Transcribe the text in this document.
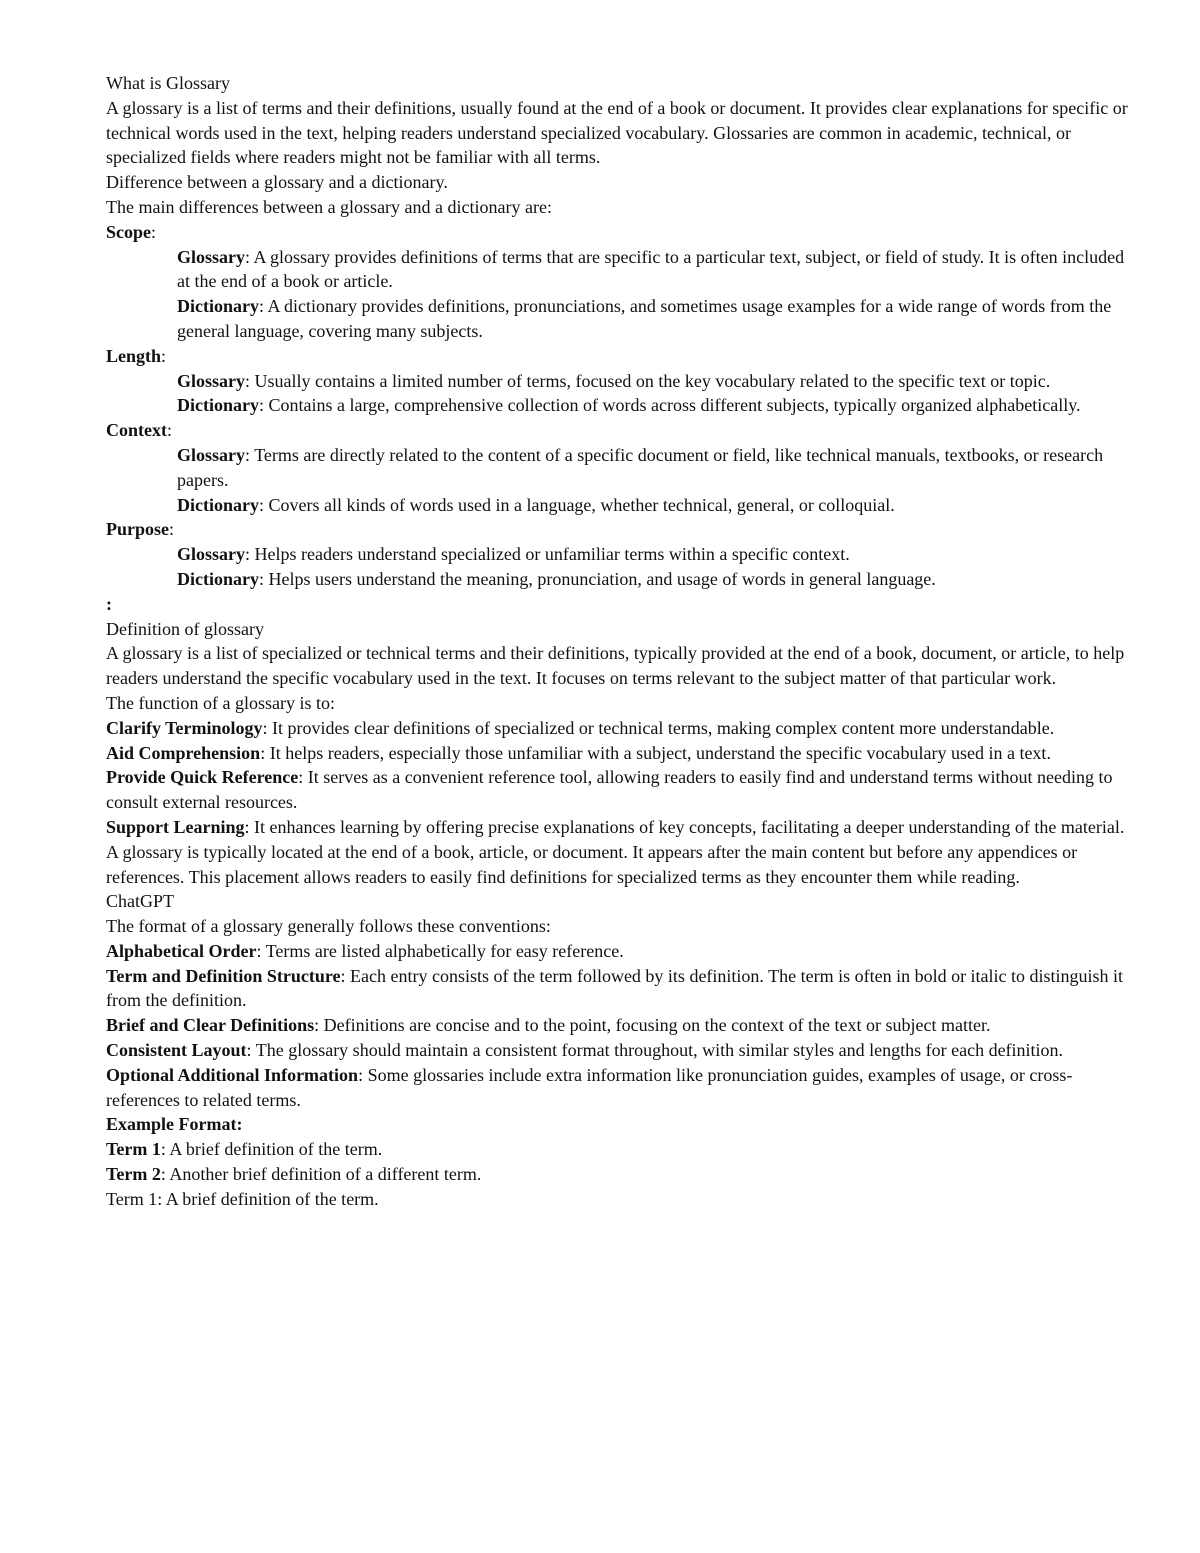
What is Glossary

A glossary is a list of terms and their definitions, usually found at the end of a book or document. It provides clear explanations for specific or technical words used in the text, helping readers understand specialized vocabulary. Glossaries are common in academic, technical, or specialized fields where readers might not be familiar with all terms.

Difference between a glossary and a dictionary.

The main differences between a glossary and a dictionary are:

Scope:

Glossary: A glossary provides definitions of terms that are specific to a particular text, subject, or field of study. It is often included at the end of a book or article.

Dictionary: A dictionary provides definitions, pronunciations, and sometimes usage examples for a wide range of words from the general language, covering many subjects.

Length:

Glossary: Usually contains a limited number of terms, focused on the key vocabulary related to the specific text or topic.

Dictionary: Contains a large, comprehensive collection of words across different subjects, typically organized alphabetically.

Context:

Glossary: Terms are directly related to the content of a specific document or field, like technical manuals, textbooks, or research papers.

Dictionary: Covers all kinds of words used in a language, whether technical, general, or colloquial.

Purpose:

Glossary: Helps readers understand specialized or unfamiliar terms within a specific context.

Dictionary: Helps users understand the meaning, pronunciation, and usage of words in general language.

:

Definition of glossary

A glossary is a list of specialized or technical terms and their definitions, typically provided at the end of a book, document, or article, to help readers understand the specific vocabulary used in the text. It focuses on terms relevant to the subject matter of that particular work.

The function of a glossary is to:

Clarify Terminology: It provides clear definitions of specialized or technical terms, making complex content more understandable.

Aid Comprehension: It helps readers, especially those unfamiliar with a subject, understand the specific vocabulary used in a text.

Provide Quick Reference: It serves as a convenient reference tool, allowing readers to easily find and understand terms without needing to consult external resources.

Support Learning: It enhances learning by offering precise explanations of key concepts, facilitating a deeper understanding of the material.

A glossary is typically located at the end of a book, article, or document. It appears after the main content but before any appendices or references. This placement allows readers to easily find definitions for specialized terms as they encounter them while reading.

ChatGPT

The format of a glossary generally follows these conventions:

Alphabetical Order: Terms are listed alphabetically for easy reference.

Term and Definition Structure: Each entry consists of the term followed by its definition. The term is often in bold or italic to distinguish it from the definition.

Brief and Clear Definitions: Definitions are concise and to the point, focusing on the context of the text or subject matter.

Consistent Layout: The glossary should maintain a consistent format throughout, with similar styles and lengths for each definition.

Optional Additional Information: Some glossaries include extra information like pronunciation guides, examples of usage, or cross-references to related terms.

Example Format:

Term 1: A brief definition of the term.

Term 2: Another brief definition of a different term.

Term 1: A brief definition of the term.
